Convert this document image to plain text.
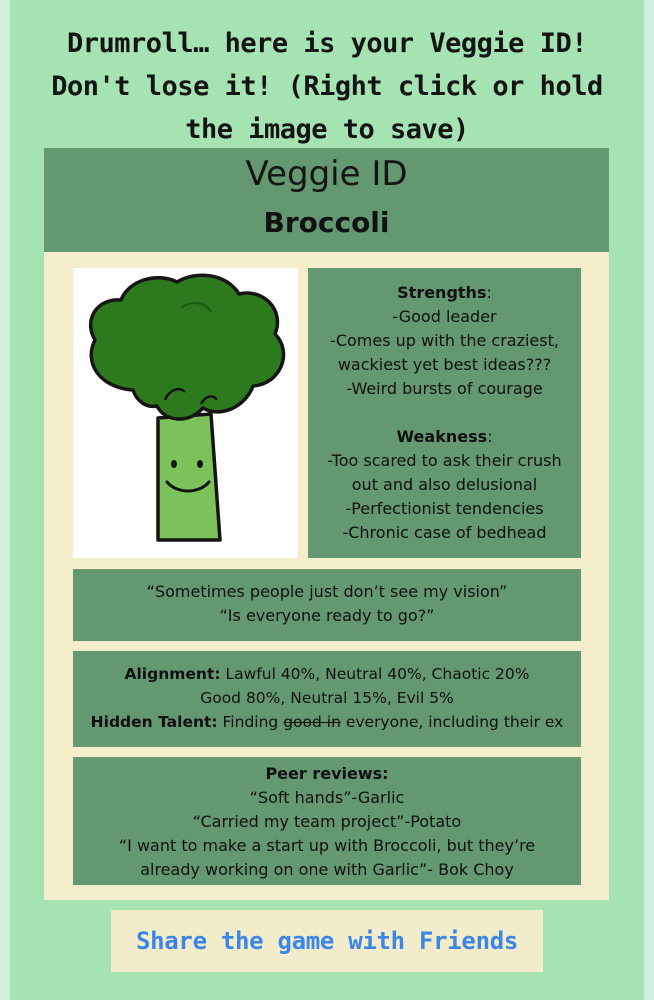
Drumroll… here is your Veggie ID!
Don't lose it! (Right click or hold
the image to save)
Veggie ID
Broccoli
Strengths:
-Good leader
-Comes up with the craziest,
wackiest yet best ideas???
-Weird bursts of courage
Weakness:
-Too scared to ask their crush
out and also delusional
-Perfectionist tendencies
-Chronic case of bedhead
“Sometimes people just don’t see my vision”
“Is everyone ready to go?”
Alignment: Lawful 40%, Neutral 40%, Chaotic 20%
Good 80%, Neutral 15%, Evil 5%
Hidden Talent: Finding good in everyone, including their ex
Peer reviews:
“Soft hands”-Garlic
“Carried my team project”-Potato
“I want to make a start up with Broccoli, but they’re
already working on one with Garlic”- Bok Choy
Share the game with Friends
